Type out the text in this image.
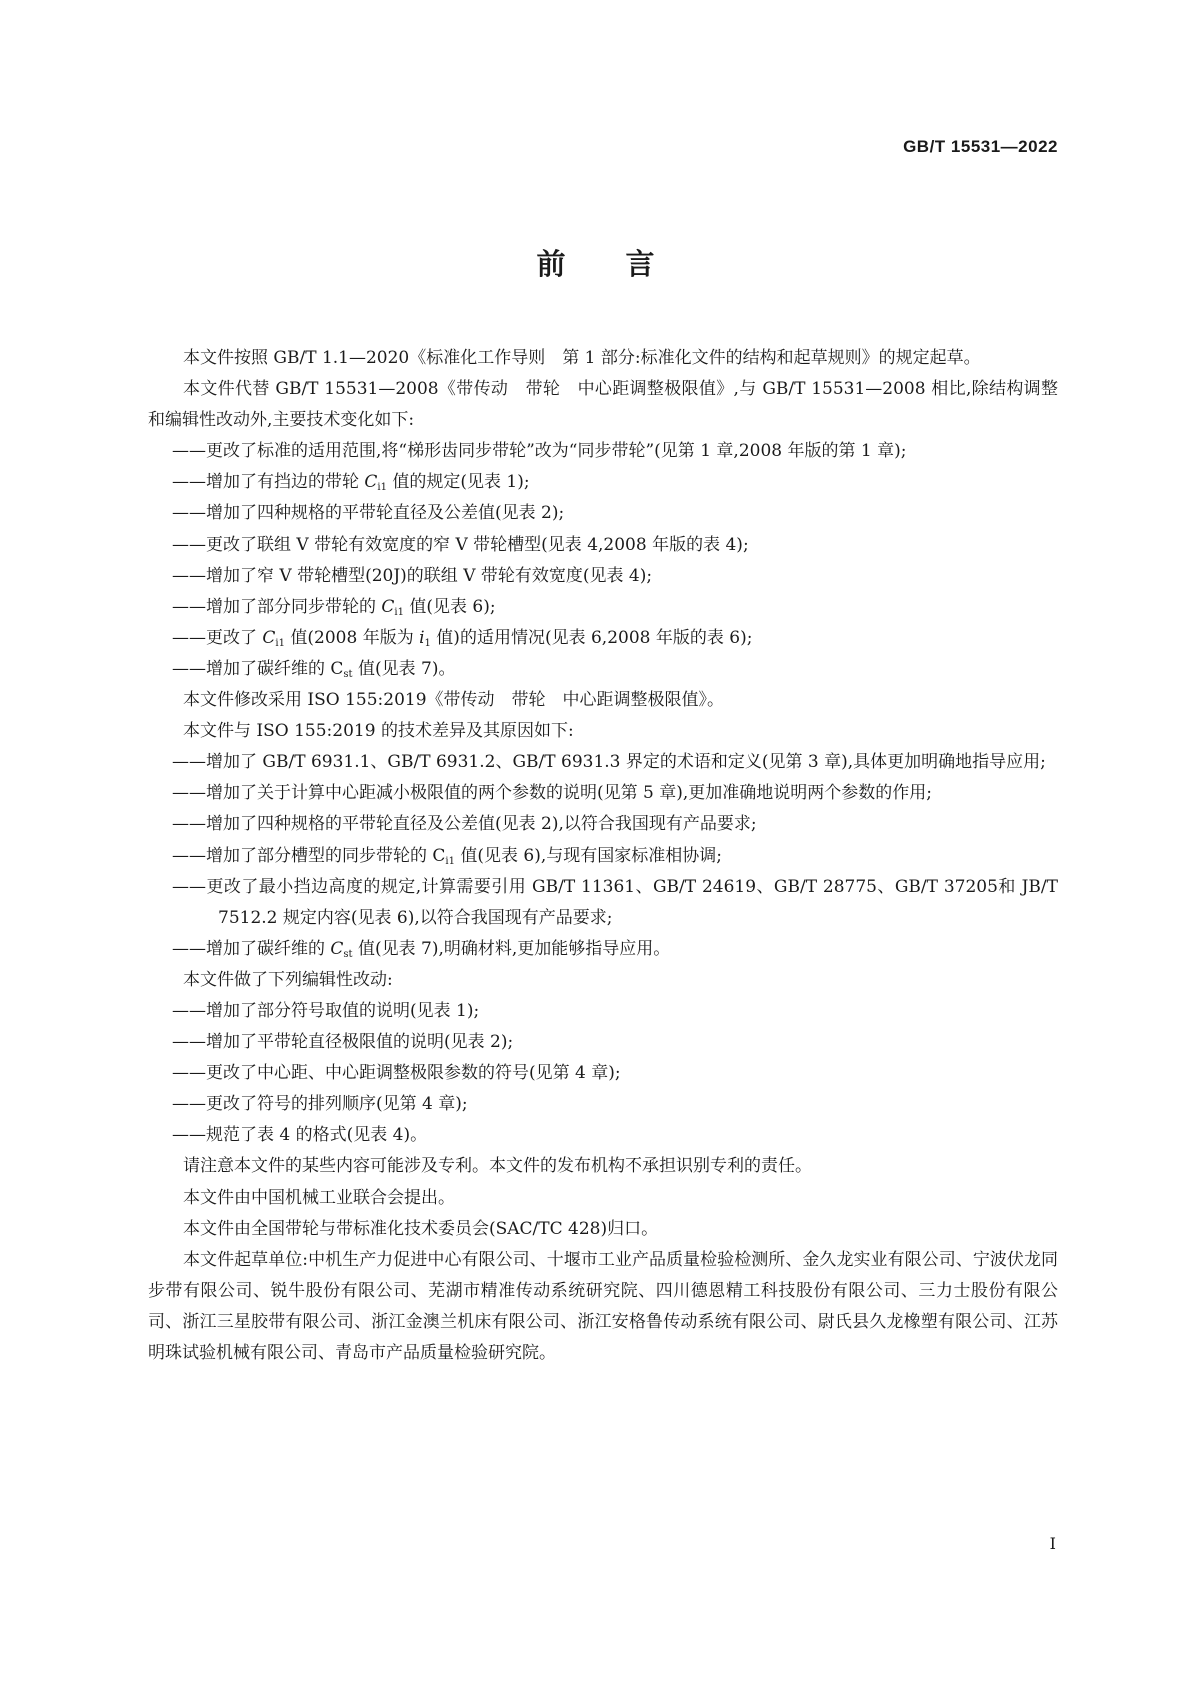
GB/T 15531—2022
前言

本文件按照 GB/T 1.1—2020《标准化工作导则　第 1 部分:标准化文件的结构和起草规则》的规定起草。

本文件代替 GB/T 15531—2008《带传动　带轮　中心距调整极限值》,与 GB/T 15531—2008 相比,除结构调整和编辑性改动外,主要技术变化如下:

——更改了标准的适用范围,将“梯形齿同步带轮”改为“同步带轮”(见第 1 章,2008 年版的第 1 章);

——增加了有挡边的带轮 $C_{i1}$ 值的规定(见表 1);

——增加了四种规格的平带轮直径及公差值(见表 2);

——更改了联组 V 带轮有效宽度的窄 V 带轮槽型(见表 4,2008 年版的表 4);

——增加了窄 V 带轮槽型(20J)的联组 V 带轮有效宽度(见表 4);

——增加了部分同步带轮的 $C_{i1}$ 值(见表 6);

——更改了 $C_{i1}$ 值(2008 年版为 $i_1$ 值)的适用情况(见表 6,2008 年版的表 6);

——增加了碳纤维的 $C_{st}$ 值(见表 7)。

本文件修改采用 ISO 155:2019《带传动　带轮　中心距调整极限值》。

本文件与 ISO 155:2019 的技术差异及其原因如下:

——增加了 GB/T 6931.1、GB/T 6931.2、GB/T 6931.3 界定的术语和定义(见第 3 章),具体更加明确地指导应用;

——增加了关于计算中心距减小极限值的两个参数的说明(见第 5 章),更加准确地说明两个参数的作用;

——增加了四种规格的平带轮直径及公差值(见表 2),以符合我国现有产品要求;

——增加了部分槽型的同步带轮的 $C_{i1}$ 值(见表 6),与现有国家标准相协调;

——更改了最小挡边高度的规定,计算需要引用 GB/T 11361、GB/T 24619、GB/T 28775、GB/T 37205和 JB/T 7512.2 规定内容(见表 6),以符合我国现有产品要求;

——增加了碳纤维的 $C_{st}$ 值(见表 7),明确材料,更加能够指导应用。

本文件做了下列编辑性改动:

——增加了部分符号取值的说明(见表 1);

——增加了平带轮直径极限值的说明(见表 2);

——更改了中心距、中心距调整极限参数的符号(见第 4 章);

——更改了符号的排列顺序(见第 4 章);

——规范了表 4 的格式(见表 4)。

请注意本文件的某些内容可能涉及专利。本文件的发布机构不承担识别专利的责任。

本文件由中国机械工业联合会提出。

本文件由全国带轮与带标准化技术委员会(SAC/TC 428)归口。

本文件起草单位:中机生产力促进中心有限公司、十堰市工业产品质量检验检测所、金久龙实业有限公司、宁波伏龙同步带有限公司、锐牛股份有限公司、芜湖市精准传动系统研究院、四川德恩精工科技股份有限公司、三力士股份有限公司、浙江三星胶带有限公司、浙江金澳兰机床有限公司、浙江安格鲁传动系统有限公司、尉氏县久龙橡塑有限公司、江苏明珠试验机械有限公司、青岛市产品质量检验研究院。

I
